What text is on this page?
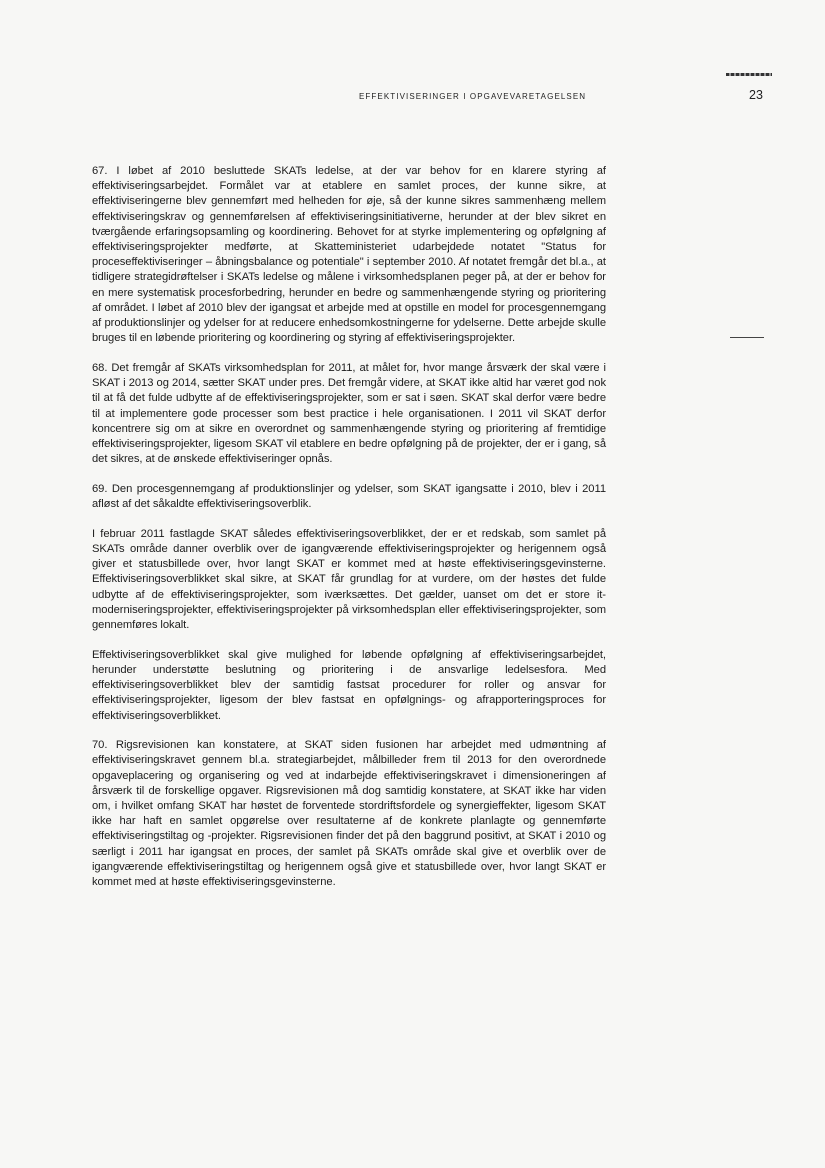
EFFEKTIVISERINGER I OPGAVEVARETAGELSEN	23

67. I løbet af 2010 besluttede SKATs ledelse, at der var behov for en klarere styring af effektiviseringsarbejdet. Formålet var at etablere en samlet proces, der kunne sikre, at effektiviseringerne blev gennemført med helheden for øje, så der kunne sikres sammenhæng mellem effektiviseringskrav og gennemførelsen af effektiviseringsinitiativerne, herunder at der blev sikret en tværgående erfaringsopsamling og koordinering. Behovet for at styrke implementering og opfølgning af effektiviseringsprojekter medførte, at Skatteministeriet udarbejdede notatet "Status for proceseffektiviseringer – åbningsbalance og potentiale" i september 2010. Af notatet fremgår det bl.a., at tidligere strategidrøftelser i SKATs ledelse og målene i virksomhedsplanen peger på, at der er behov for en mere systematisk procesforbedring, herunder en bedre og sammenhængende styring og prioritering af området. I løbet af 2010 blev der igangsat et arbejde med at opstille en model for procesgennemgang af produktionslinjer og ydelser for at reducere enhedsomkostningerne for ydelserne. Dette arbejde skulle bruges til en løbende prioritering og koordinering og styring af effektiviseringsprojekter.

68. Det fremgår af SKATs virksomhedsplan for 2011, at målet for, hvor mange årsværk der skal være i SKAT i 2013 og 2014, sætter SKAT under pres. Det fremgår videre, at SKAT ikke altid har været god nok til at få det fulde udbytte af de effektiviseringsprojekter, som er sat i søen. SKAT skal derfor være bedre til at implementere gode processer som best practice i hele organisationen. I 2011 vil SKAT derfor koncentrere sig om at sikre en overordnet og sammenhængende styring og prioritering af fremtidige effektiviseringsprojekter, ligesom SKAT vil etablere en bedre opfølgning på de projekter, der er i gang, så det sikres, at de ønskede effektiviseringer opnås.

69. Den procesgennemgang af produktionslinjer og ydelser, som SKAT igangsatte i 2010, blev i 2011 afløst af det såkaldte effektiviseringsoverblik.

I februar 2011 fastlagde SKAT således effektiviseringsoverblikket, der er et redskab, som samlet på SKATs område danner overblik over de igangværende effektiviseringsprojekter og herigennem også giver et statusbillede over, hvor langt SKAT er kommet med at høste effektiviseringsgevinsterne. Effektiviseringsoverblikket skal sikre, at SKAT får grundlag for at vurdere, om der høstes det fulde udbytte af de effektiviseringsprojekter, som iværksættes. Det gælder, uanset om det er store it-moderniseringsprojekter, effektiviseringsprojekter på virksomhedsplan eller effektiviseringsprojekter, som gennemføres lokalt.

Effektiviseringsoverblikket skal give mulighed for løbende opfølgning af effektiviseringsarbejdet, herunder understøtte beslutning og prioritering i de ansvarlige ledelsesfora. Med effektiviseringsoverblikket blev der samtidig fastsat procedurer for roller og ansvar for effektiviseringsprojekter, ligesom der blev fastsat en opfølgnings- og afrapporteringsproces for effektiviseringsoverblikket.

70. Rigsrevisionen kan konstatere, at SKAT siden fusionen har arbejdet med udmøntning af effektiviseringskravet gennem bl.a. strategiarbejdet, målbilleder frem til 2013 for den overordnede opgaveplacering og organisering og ved at indarbejde effektiviseringskravet i dimensioneringen af årsværk til de forskellige opgaver. Rigsrevisionen må dog samtidig konstatere, at SKAT ikke har viden om, i hvilket omfang SKAT har høstet de forventede stordriftsfordele og synergieffekter, ligesom SKAT ikke har haft en samlet opgørelse over resultaterne af de konkrete planlagte og gennemførte effektiviseringstiltag og -projekter. Rigsrevisionen finder det på den baggrund positivt, at SKAT i 2010 og særligt i 2011 har igangsat en proces, der samlet på SKATs område skal give et overblik over de igangværende effektiviseringstiltag og herigennem også give et statusbillede over, hvor langt SKAT er kommet med at høste effektiviseringsgevinsterne.
